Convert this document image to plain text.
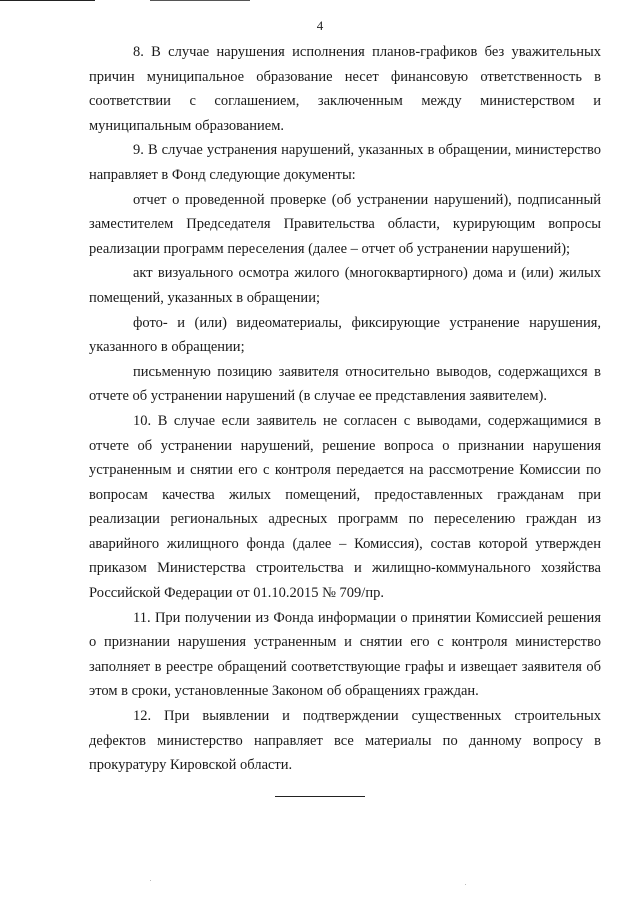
4

8. В случае нарушения исполнения планов-графиков без уважительных причин муниципальное образование несет финансовую ответственность в соответствии с соглашением, заключенным между министерством и муниципальным образованием.

9. В случае устранения нарушений, указанных в обращении, министерство направляет в Фонд следующие документы:

отчет о проведенной проверке (об устранении нарушений), подписанный заместителем Председателя Правительства области, курирующим вопросы реализации программ переселения (далее – отчет об устранении нарушений);

акт визуального осмотра жилого (многоквартирного) дома и (или) жилых помещений, указанных в обращении;

фото- и (или) видеоматериалы, фиксирующие устранение нарушения, указанного в обращении;

письменную позицию заявителя относительно выводов, содержащихся в отчете об устранении нарушений (в случае ее представления заявителем).

10. В случае если заявитель не согласен с выводами, содержащимися в отчете об устранении нарушений, решение вопроса о признании нарушения устраненным и снятии его с контроля передается на рассмотрение Комиссии по вопросам качества жилых помещений, предоставленных гражданам при реализации региональных адресных программ по переселению граждан из аварийного жилищного фонда (далее – Комиссия), состав которой утвержден приказом Министерства строительства и жилищно-коммунального хозяйства Российской Федерации от 01.10.2015 № 709/пр.

11. При получении из Фонда информации о принятии Комиссией решения о признании нарушения устраненным и снятии его с контроля министерство заполняет в реестре обращений соответствующие графы и извещает заявителя об этом в сроки, установленные Законом об обращениях граждан.

12. При выявлении и подтверждении существенных строительных дефектов министерство направляет все материалы по данному вопросу в прокуратуру Кировской области.
